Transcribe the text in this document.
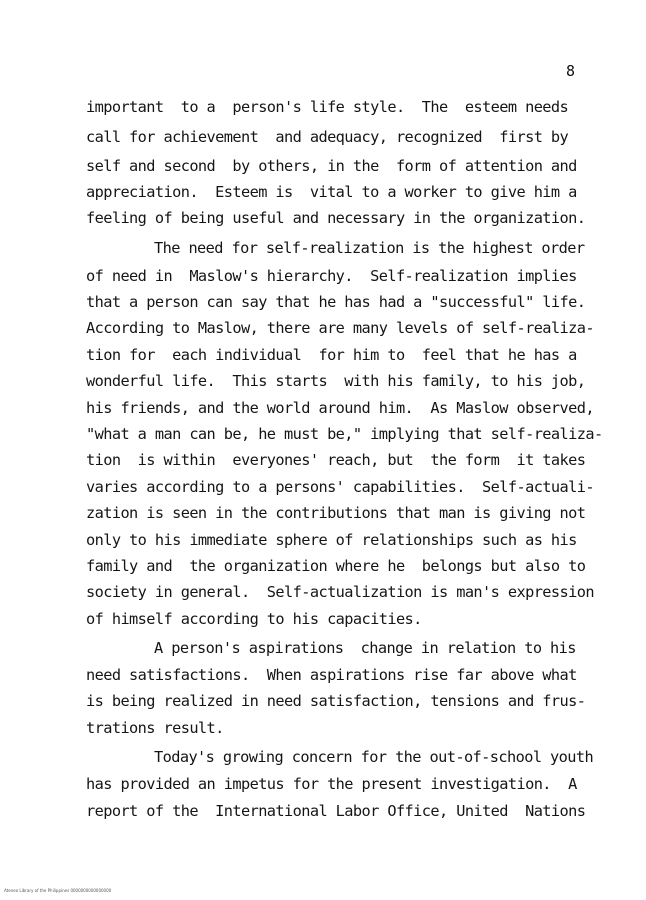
8
important  to a  person's life style.  The  esteem needs
call for achievement  and adequacy, recognized  first by
self and second  by others, in the  form of attention and
appreciation.  Esteem is  vital to a worker to give him a
feeling of being useful and necessary in the organization.
The need for self-realization is the highest order
of need in  Maslow's hierarchy.  Self-realization implies
that a person can say that he has had a "successful" life.
According to Maslow, there are many levels of self-realiza-
tion for  each individual  for him to  feel that he has a
wonderful life.  This starts  with his family, to his job,
his friends, and the world around him.  As Maslow observed,
"what a man can be, he must be," implying that self-realiza-
tion  is within  everyones' reach, but  the form  it takes
varies according to a persons' capabilities.  Self-actuali-
zation is seen in the contributions that man is giving not
only to his immediate sphere of relationships such as his
family and  the organization where he  belongs but also to
society in general.  Self-actualization is man's expression
of himself according to his capacities.
A person's aspirations  change in relation to his
need satisfactions.  When aspirations rise far above what
is being realized in need satisfaction, tensions and frus-
trations result.
Today's growing concern for the out-of-school youth
has provided an impetus for the present investigation.  A
report of the  International Labor Office, United  Nations
Ateneo Library of the Philippines 0000000000000000
